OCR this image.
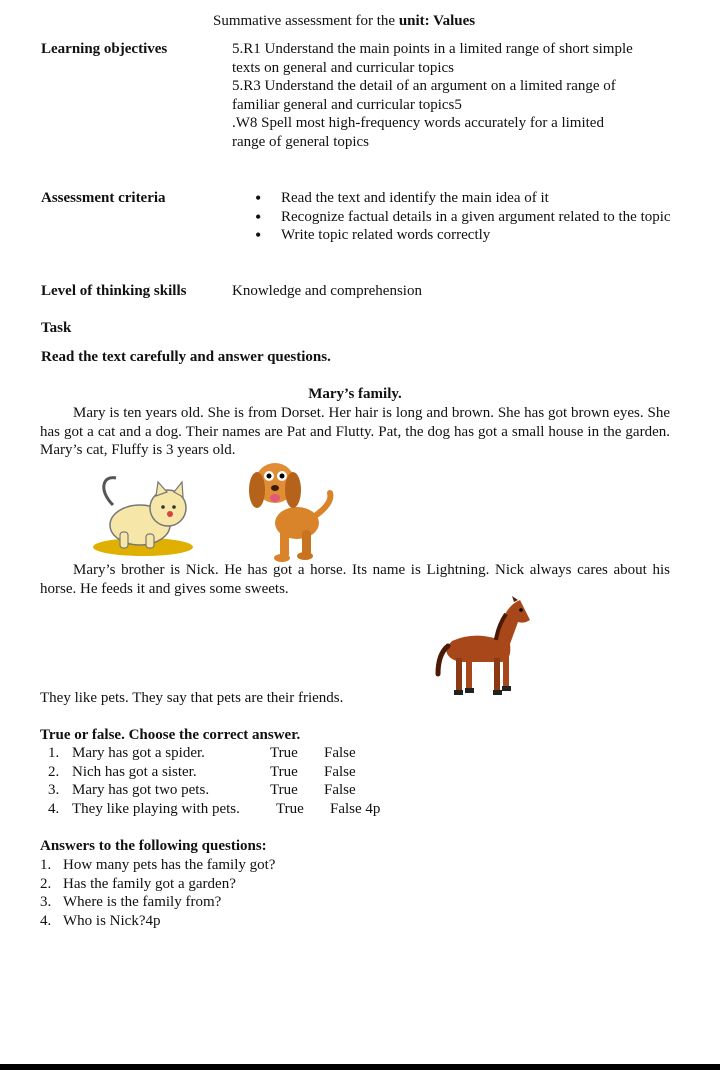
Summative assessment for the unit: Values
Learning objectives	5.R1 Understand the main points in a limited range of short simple
texts on general and curricular topics
5.R3 Understand the detail of an argument on a limited range of
familiar general and curricular topics5
.W8 Spell most high-frequency words accurately for a limited
range of general topics
Assessment criteria
•	Read the text and identify the main idea of it
• Recognize factual details in a given argument related to the topic
• Write topic related words correctly
Level of thinking skills	Knowledge and comprehension
Task
Read the text carefully and answer questions.
Mary’s family.
Mary is ten years old. She is from Dorset. Her hair is long and brown. She has got brown eyes. She has got a cat and a dog. Their names are Pat and Flutty. Pat, the dog has got a small house in the garden. Mary’s cat, Fluffy is 3 years old.
Mary’s brother is Nick. He has got a horse. Its name is Lightning. Nick always cares about his horse. He feeds it and gives some sweets.
They like pets. They say that pets are their friends.
True or false. Choose the correct answer.
1. Mary has got a spider.	True False
2. Nich has got a sister.	True False
3. Mary has got two pets.	True False
4. They like playing with pets. True False 4p
Answers to the following questions:
1. How many pets has the family got?
2. Has the family got a garden?
3. Where is the family from?
4. Who is Nick?4p
